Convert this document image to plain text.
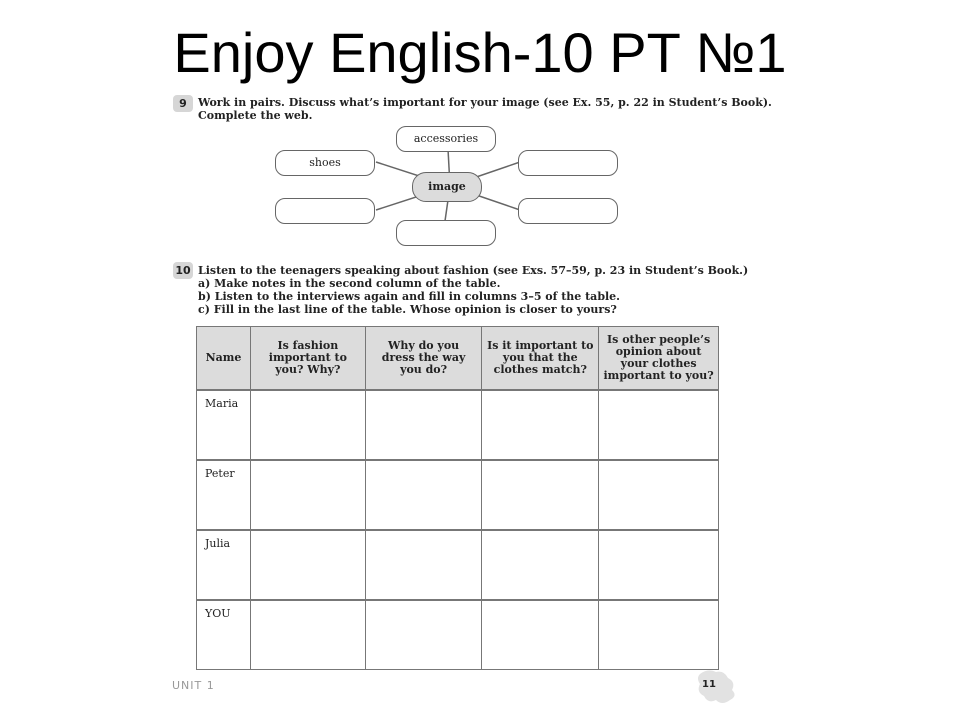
Enjoy English-10 PT №1
9	Work in pairs. Discuss what’s important for your image (see Ex. 55, p. 22 in Student’s Book).
Complete the web.
accessories
shoes
image
10 Listen to the teenagers speaking about fashion (see Exs. 57–59, p. 23 in Student’s Book.)
a) Make notes in the second column of the table.
b) Listen to the interviews again and fill in columns 3–5 of the table.
c) Fill in the last line of the table. Whose opinion is closer to yours?
Name	Is fashion important to you? Why?	Why do you dress the way you do?	Is it important to you that the clothes match?	Is other people’s opinion about your clothes important to you?
Maria				
Peter				
Julia				
YOU				
UNIT 1	11
